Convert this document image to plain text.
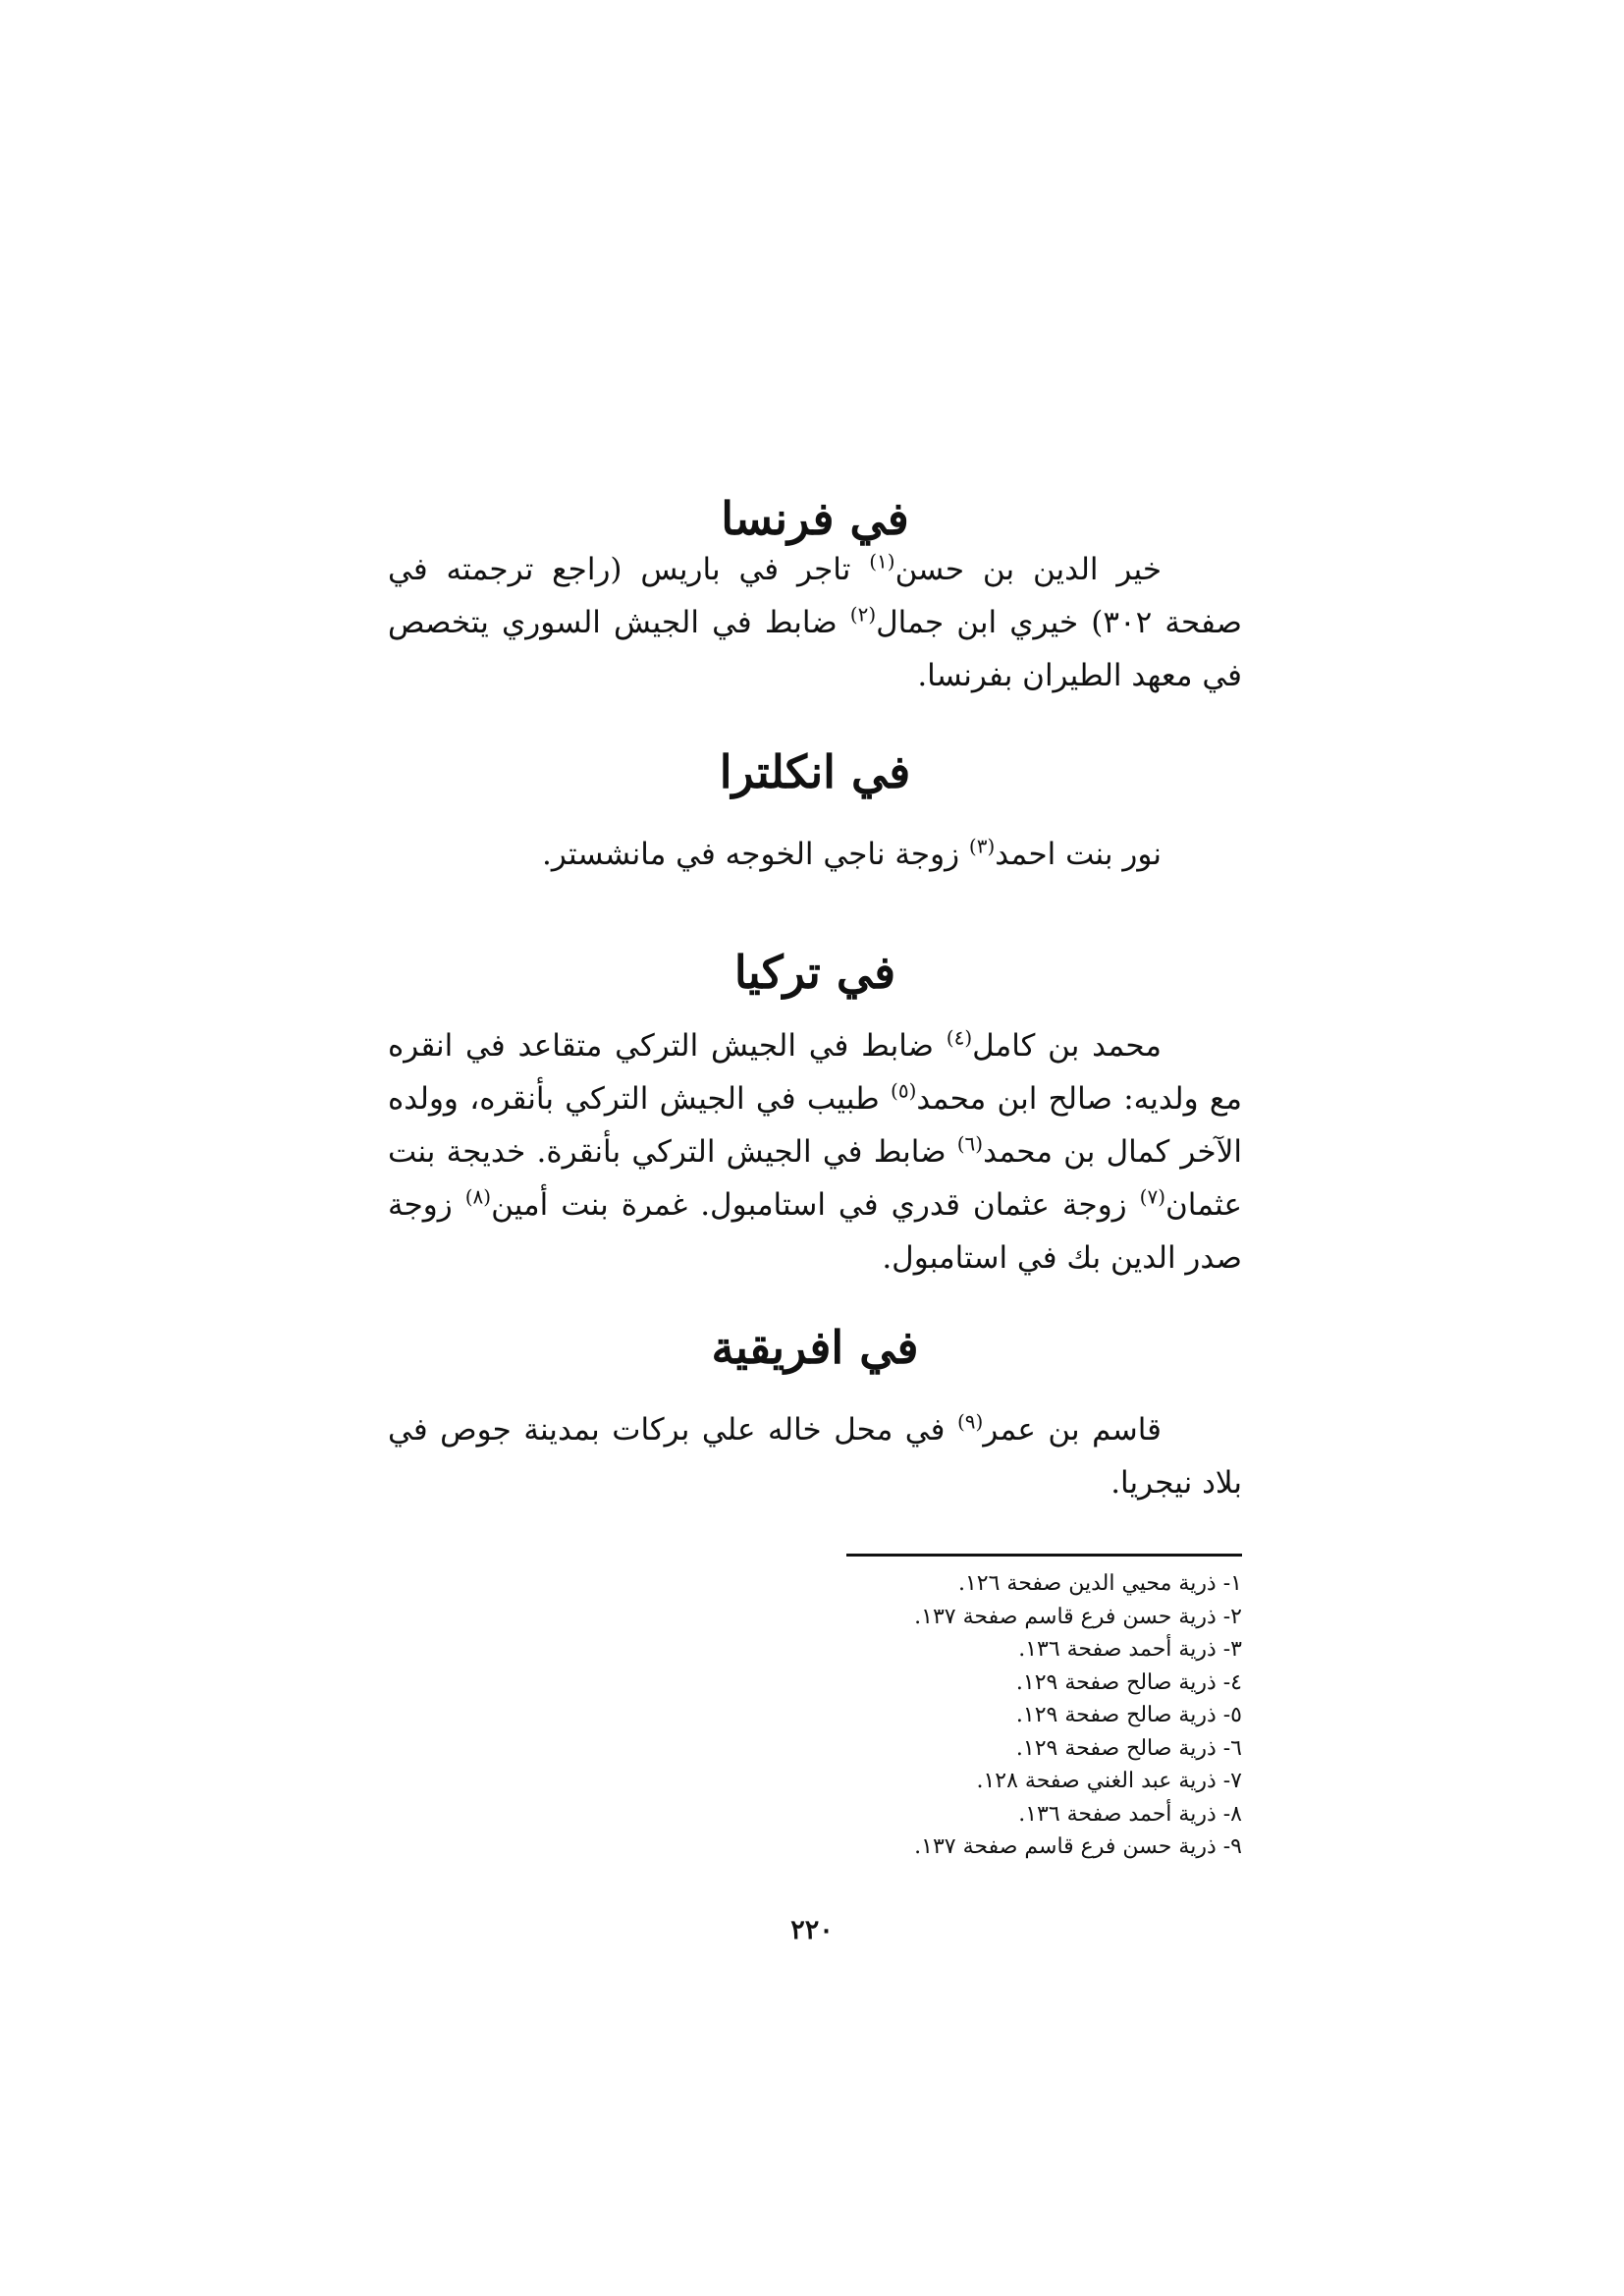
في فرنسا

خير الدين بن حسن$^{(١)}$ تاجر في باريس (راجع ترجمته في صفحة ٣٠٢) خيري ابن جمال$^{(٢)}$ ضابط في الجيش السوري يتخصص في معهد الطيران بفرنسا.

في انكلترا

نور بنت احمد$^{(٣)}$ زوجة ناجي الخوجه في مانشستر.

في تركيا

محمد بن كامل$^{(٤)}$ ضابط في الجيش التركي متقاعد في انقره مع ولديه: صالح ابن محمد$^{(٥)}$ طبيب في الجيش التركي بأنقره، وولده الآخر كمال بن محمد$^{(٦)}$ ضابط في الجيش التركي بأنقرة. خديجة بنت عثمان$^{(٧)}$ زوجة عثمان قدري في استامبول. غمرة بنت أمين$^{(٨)}$ زوجة صدر الدين بك في استامبول.

في افريقية

قاسم بن عمر$^{(٩)}$ في محل خاله علي بركات بمدينة جوص في بلاد نيجريا.

١- ذرية محيي الدين صفحة ١٢٦.
٢- ذرية حسن فرع قاسم صفحة ١٣٧.
٣- ذرية أحمد صفحة ١٣٦.
٤- ذرية صالح صفحة ١٢٩.
٥- ذرية صالح صفحة ١٢٩.
٦- ذرية صالح صفحة ١٢٩.
٧- ذرية عبد الغني صفحة ١٢٨.
٨- ذرية أحمد صفحة ١٣٦.
٩- ذرية حسن فرع قاسم صفحة ١٣٧.
٢٢٠
